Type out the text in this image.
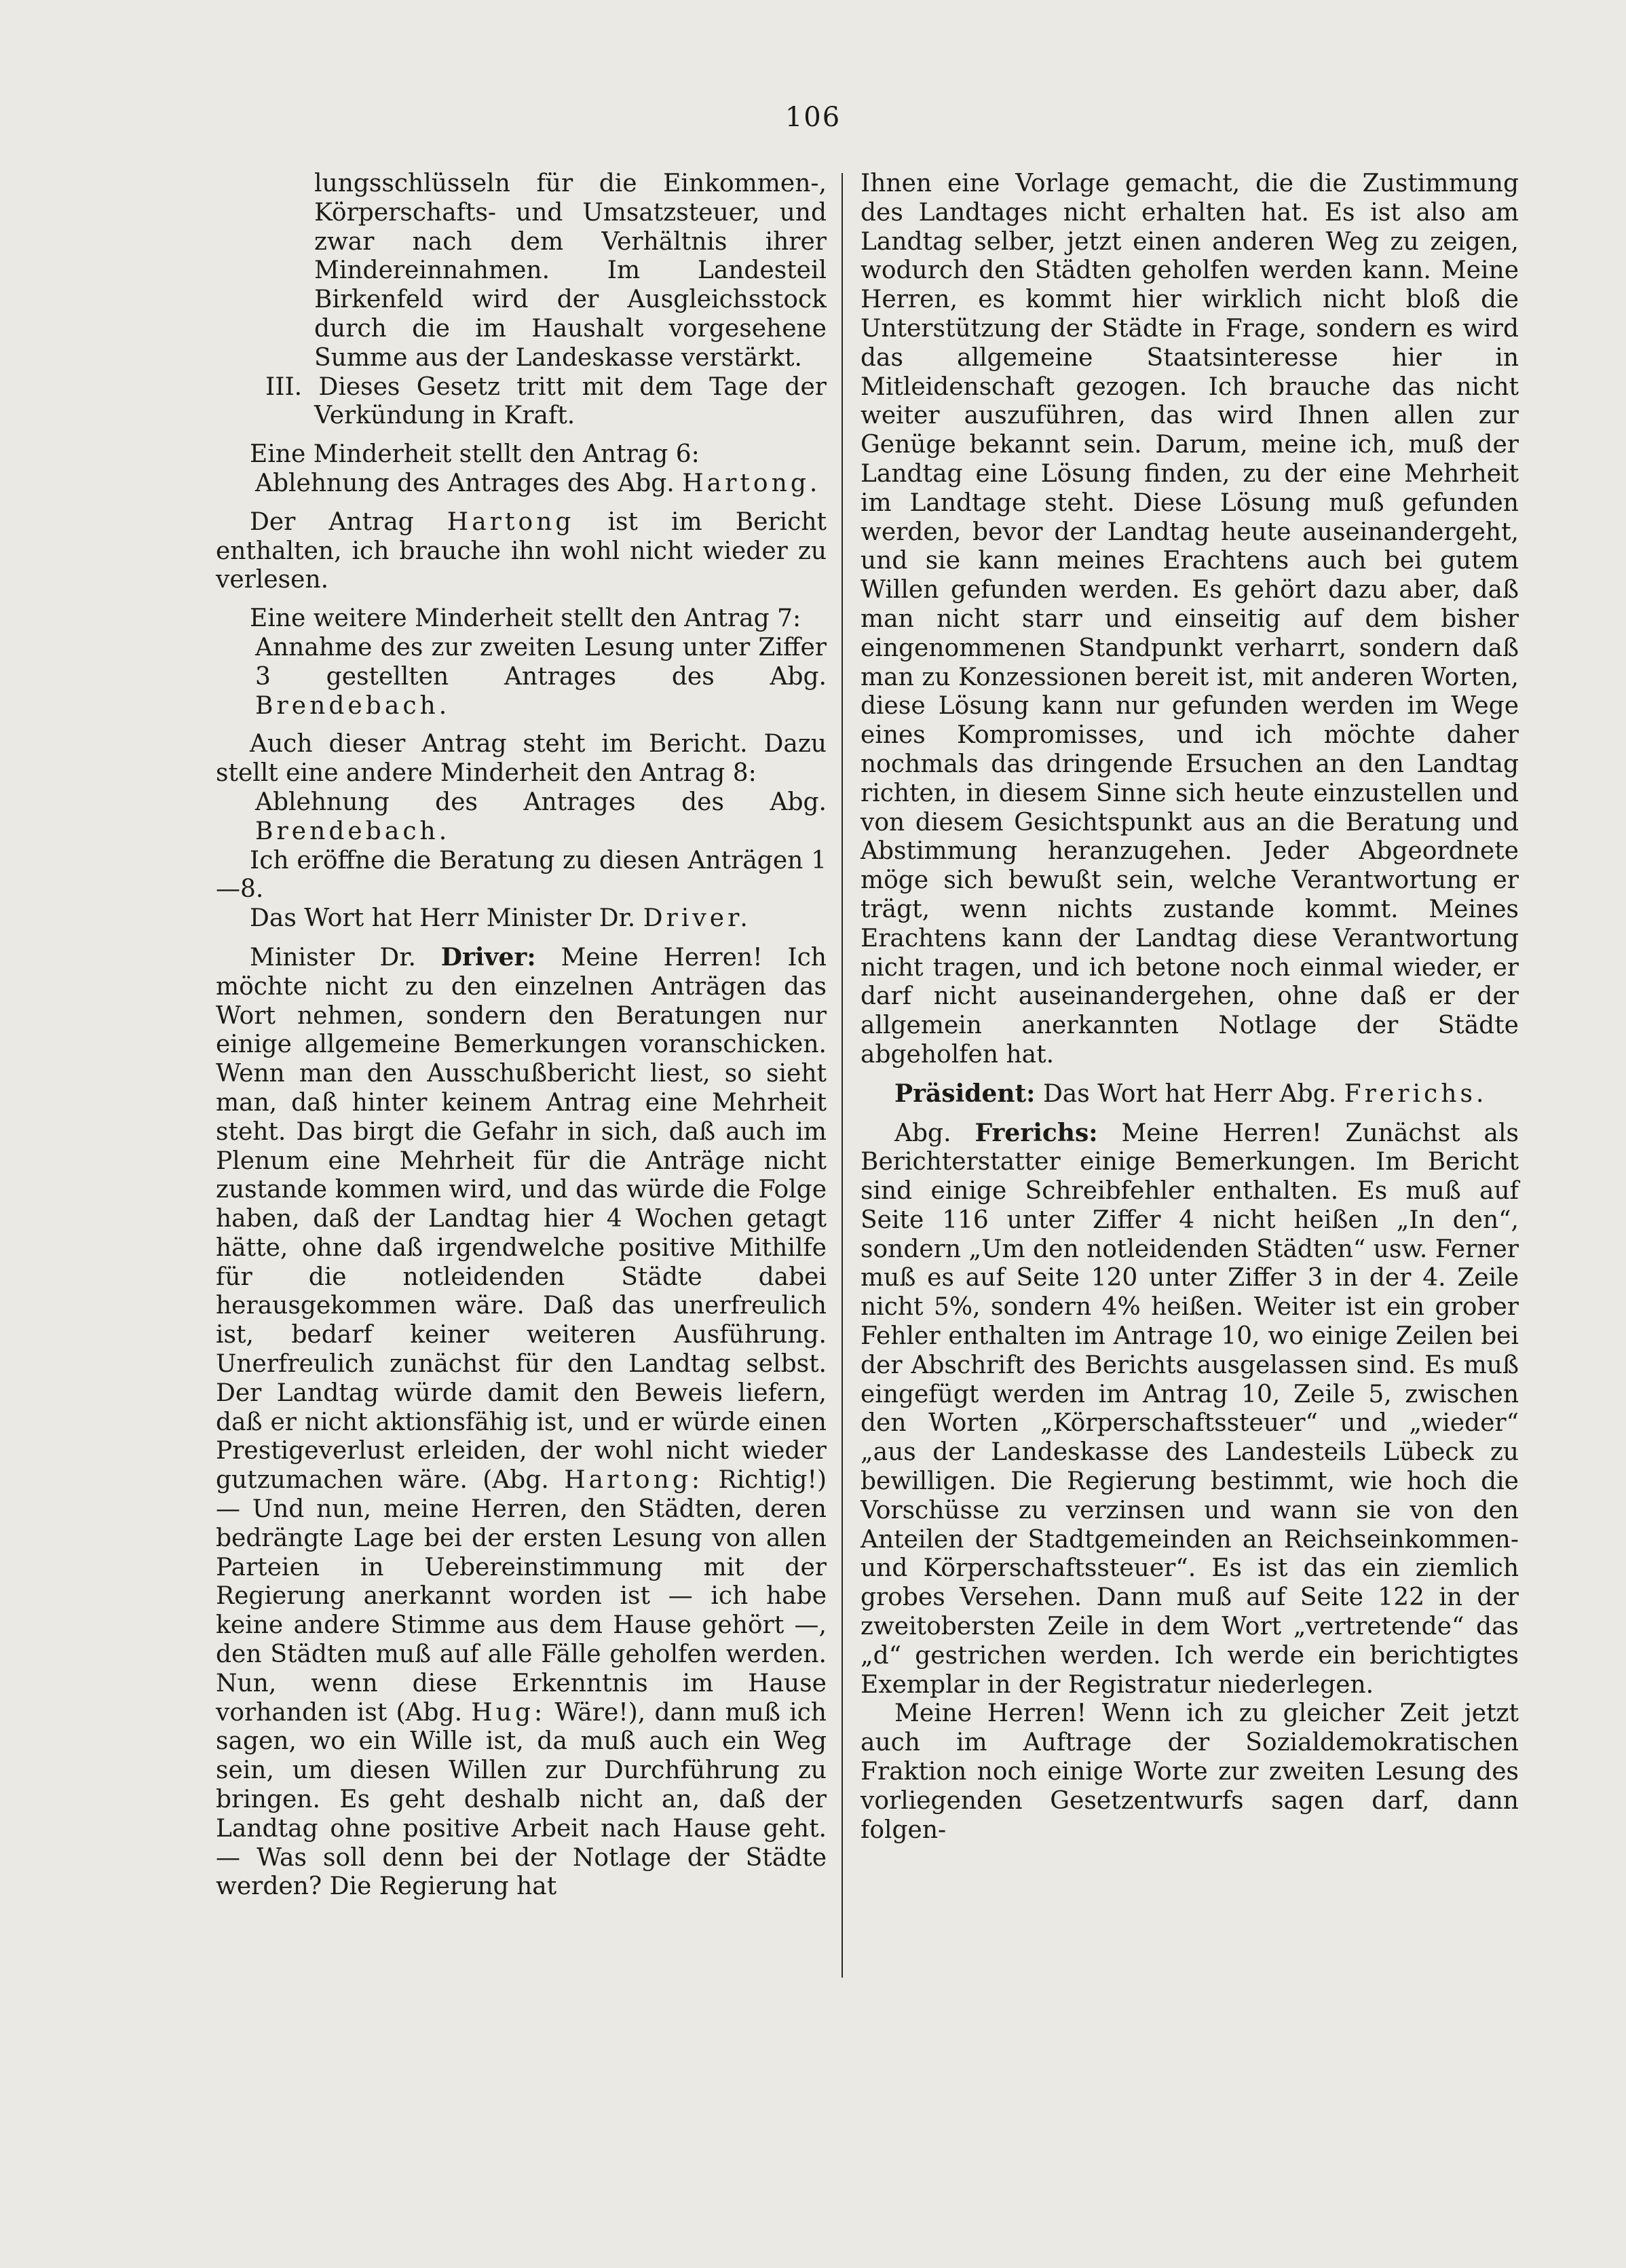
106

lungsschlüsseln für die Einkommen-, Körperschafts- und Umsatzsteuer, und zwar nach dem Verhältnis ihrer Mindereinnahmen. Im Landesteil Birkenfeld wird der Ausgleichsstock durch die im Haushalt vorgesehene Summe aus der Landeskasse verstärkt.

III. Dieses Gesetz tritt mit dem Tage der Verkündung in Kraft.

Eine Minderheit stellt den Antrag 6:

Ablehnung des Antrages des Abg. Hartong.

Der Antrag Hartong ist im Bericht enthalten, ich brauche ihn wohl nicht wieder zu verlesen.

Eine weitere Minderheit stellt den Antrag 7:

Annahme des zur zweiten Lesung unter Ziffer 3 gestellten Antrages des Abg. Brendebach.

Auch dieser Antrag steht im Bericht. Dazu stellt eine andere Minderheit den Antrag 8:

Ablehnung des Antrages des Abg. Brendebach.

Ich eröffne die Beratung zu diesen Anträgen 1—8.

Das Wort hat Herr Minister Dr. Driver.

Minister Dr. Driver: Meine Herren! Ich möchte nicht zu den einzelnen Anträgen das Wort nehmen, sondern den Beratungen nur einige allgemeine Bemerkungen voranschicken. Wenn man den Ausschußbericht liest, so sieht man, daß hinter keinem Antrag eine Mehrheit steht. Das birgt die Gefahr in sich, daß auch im Plenum eine Mehrheit für die Anträge nicht zustande kommen wird, und das würde die Folge haben, daß der Landtag hier 4 Wochen getagt hätte, ohne daß irgendwelche positive Mithilfe für die notleidenden Städte dabei herausgekommen wäre. Daß das unerfreulich ist, bedarf keiner weiteren Ausführung. Unerfreulich zunächst für den Landtag selbst. Der Landtag würde damit den Beweis liefern, daß er nicht aktionsfähig ist, und er würde einen Prestigeverlust erleiden, der wohl nicht wieder gutzumachen wäre. (Abg. Hartong: Richtig!) — Und nun, meine Herren, den Städten, deren bedrängte Lage bei der ersten Lesung von allen Parteien in Uebereinstimmung mit der Regierung anerkannt worden ist — ich habe keine andere Stimme aus dem Hause gehört —, den Städten muß auf alle Fälle geholfen werden. Nun, wenn diese Erkenntnis im Hause vorhanden ist (Abg. Hug: Wäre!), dann muß ich sagen, wo ein Wille ist, da muß auch ein Weg sein, um diesen Willen zur Durchführung zu bringen. Es geht deshalb nicht an, daß der Landtag ohne positive Arbeit nach Hause geht. — Was soll denn bei der Notlage der Städte werden? Die Regierung hat

Ihnen eine Vorlage gemacht, die die Zustimmung des Landtages nicht erhalten hat. Es ist also am Landtag selber, jetzt einen anderen Weg zu zeigen, wodurch den Städten geholfen werden kann. Meine Herren, es kommt hier wirklich nicht bloß die Unterstützung der Städte in Frage, sondern es wird das allgemeine Staatsinteresse hier in Mitleidenschaft gezogen. Ich brauche das nicht weiter auszuführen, das wird Ihnen allen zur Genüge bekannt sein. Darum, meine ich, muß der Landtag eine Lösung finden, zu der eine Mehrheit im Landtage steht. Diese Lösung muß gefunden werden, bevor der Landtag heute auseinandergeht, und sie kann meines Erachtens auch bei gutem Willen gefunden werden. Es gehört dazu aber, daß man nicht starr und einseitig auf dem bisher eingenommenen Standpunkt verharrt, sondern daß man zu Konzessionen bereit ist, mit anderen Worten, diese Lösung kann nur gefunden werden im Wege eines Kompromisses, und ich möchte daher nochmals das dringende Ersuchen an den Landtag richten, in diesem Sinne sich heute einzustellen und von diesem Gesichtspunkt aus an die Beratung und Abstimmung heranzugehen. Jeder Abgeordnete möge sich bewußt sein, welche Verantwortung er trägt, wenn nichts zustande kommt. Meines Erachtens kann der Landtag diese Verantwortung nicht tragen, und ich betone noch einmal wieder, er darf nicht auseinandergehen, ohne daß er der allgemein anerkannten Notlage der Städte abgeholfen hat.

Präsident: Das Wort hat Herr Abg. Frerichs.

Abg. Frerichs: Meine Herren! Zunächst als Berichterstatter einige Bemerkungen. Im Bericht sind einige Schreibfehler enthalten. Es muß auf Seite 116 unter Ziffer 4 nicht heißen „In den“, sondern „Um den notleidenden Städten“ usw. Ferner muß es auf Seite 120 unter Ziffer 3 in der 4. Zeile nicht 5%, sondern 4% heißen. Weiter ist ein grober Fehler enthalten im Antrage 10, wo einige Zeilen bei der Abschrift des Berichts ausgelassen sind. Es muß eingefügt werden im Antrag 10, Zeile 5, zwischen den Worten „Körperschaftssteuer“ und „wieder“ „aus der Landeskasse des Landesteils Lübeck zu bewilligen. Die Regierung bestimmt, wie hoch die Vorschüsse zu verzinsen und wann sie von den Anteilen der Stadtgemeinden an Reichseinkommen- und Körperschaftssteuer“. Es ist das ein ziemlich grobes Versehen. Dann muß auf Seite 122 in der zweitobersten Zeile in dem Wort „vertretende“ das „d“ gestrichen werden. Ich werde ein berichtigtes Exemplar in der Registratur niederlegen.

Meine Herren! Wenn ich zu gleicher Zeit jetzt auch im Auftrage der Sozialdemokratischen Fraktion noch einige Worte zur zweiten Lesung des vorliegenden Gesetzentwurfs sagen darf, dann folgen-
